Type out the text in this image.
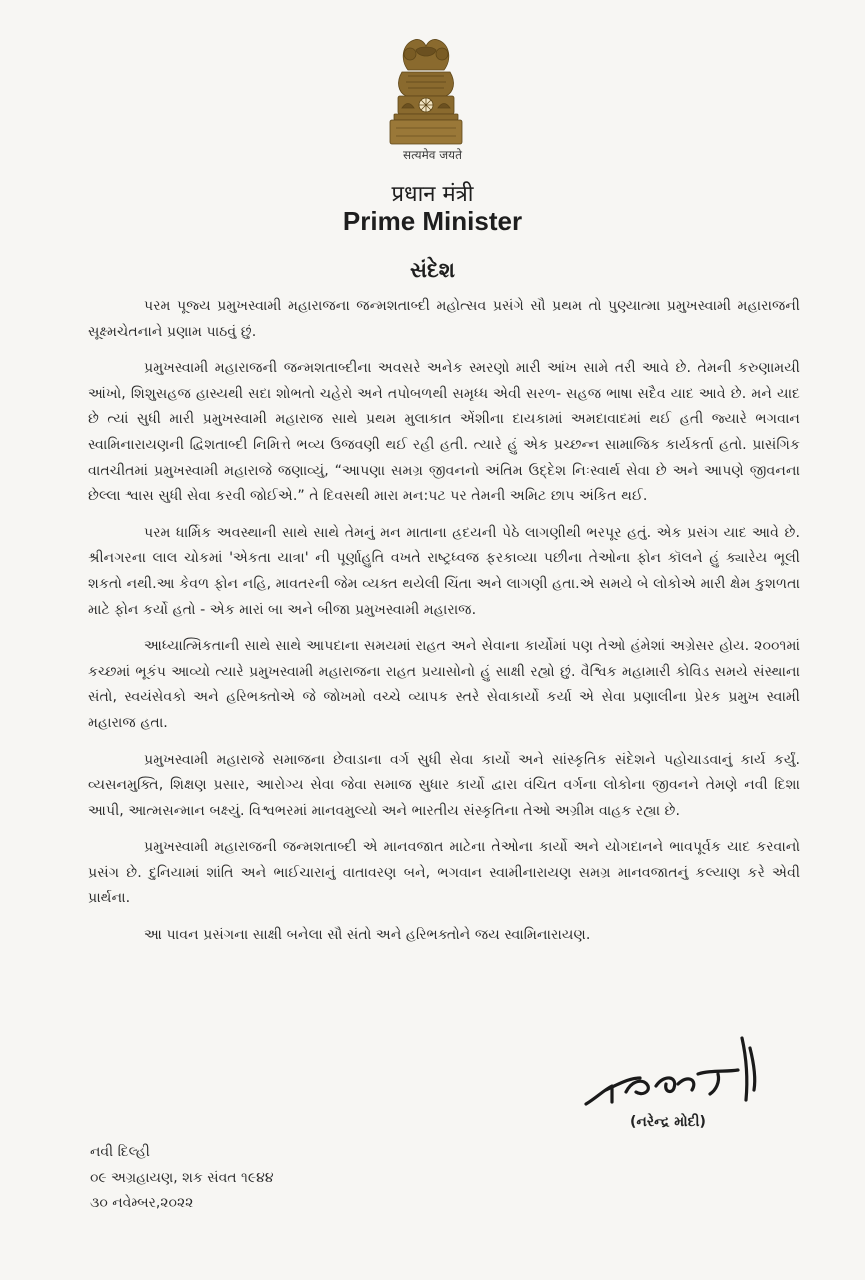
सत्यमेव जयते
प्रधान मंत्री
Prime Minister
સંદેશ

પરમ પૂજ્ય પ્રમુખસ્વામી મહારાજના જન્મશતાબ્દી મહોત્સવ પ્રસંગે સૌ પ્રથમ તો પુણ્યાત્મા પ્રમુખસ્વામી મહારાજની સૂક્ષ્મચેતનાને પ્રણામ પાઠવું છું.

પ્રમુખસ્વામી મહારાજની જન્મશતાબ્દીના અવસરે અનેક સ્મરણો મારી આંખ સામે તરી આવે છે. તેમની કરુણામયી આંખો, શિશુસહજ હાસ્યથી સદા શોભતો ચહેરો અને તપોબળથી સમૃધ્ધ એવી સરળ- સહજ ભાષા સદૈવ યાદ આવે છે. મને યાદ છે ત્યાં સુધી મારી પ્રમુખસ્વામી મહારાજ સાથે પ્રથમ મુલાકાત એંશીના દાયકામાં અમદાવાદમાં થઈ હતી જ્યારે ભગવાન સ્વામિનારાયણની દ્વિશતાબ્દી નિમિત્તે ભવ્ય ઉજવણી થઈ રહી હતી. ત્યારે હું એક પ્રચ્છન્ન સામાજિક કાર્યકર્તા હતો. પ્રાસંગિક વાતચીતમાં પ્રમુખસ્વામી મહારાજે જણાવ્યું, “આપણા સમગ્ર જીવનનો અંતિમ ઉદ્દેશ નિઃસ્વાર્થ સેવા છે અને આપણે જીવનના છેલ્લા શ્વાસ સુધી સેવા કરવી જોઈએ.” તે દિવસથી મારા મન:પટ પર તેમની અમિટ છાપ અંકિત થઈ.

પરમ ધાર્મિક અવસ્થાની સાથે સાથે તેમનું મન માતાના હ્રદયની પેઠે લાગણીથી ભરપૂર હતું. એક પ્રસંગ યાદ આવે છે. શ્રીનગરના લાલ ચોકમાં 'એકતા યાત્રા' ની પૂર્ણાહુતિ વખતે રાષ્ટ્રધ્વજ ફરકાવ્યા પછીના તેઓના ફોન કૉલને હું ક્યારેય ભૂલી શકતો નથી.આ કેવળ ફોન નહિ, માવતરની જેમ વ્યક્ત થયેલી ચિંતા અને લાગણી હતા.એ સમયે બે લોકોએ મારી ક્ષેમ કુશળતા માટે ફોન કર્યો હતો - એક મારાં બા અને બીજા પ્રમુખસ્વામી મહારાજ.

આધ્યાત્મિકતાની સાથે સાથે આપદાના સમયમાં રાહત અને સેવાના કાર્યોમાં પણ તેઓ હંમેશાં અગ્રેસર હોય. ૨૦૦૧માં કચ્છમાં ભૂકંપ આવ્યો ત્યારે પ્રમુખસ્વામી મહારાજના રાહત પ્રયાસોનો હું સાક્ષી રહ્યો છું. વૈશ્વિક મહામારી કોવિડ સમયે સંસ્થાના સંતો, સ્વયંસેવકો અને હરિભક્તોએ જે જોખમો વચ્ચે વ્યાપક સ્તરે સેવાકાર્યો કર્યા એ સેવા પ્રણાલીના પ્રેરક પ્રમુખ સ્વામી મહારાજ હતા.

પ્રમુખસ્વામી મહારાજે સમાજના છેવાડાના વર્ગ સુધી સેવા કાર્યો અને સાંસ્કૃતિક સંદેશને પહોચાડવાનું કાર્ય કર્યું. વ્યસનમુક્તિ, શિક્ષણ પ્રસાર, આરોગ્ય સેવા જેવા સમાજ સુધાર કાર્યો દ્વારા વંચિત વર્ગના લોકોના જીવનને તેમણે નવી દિશા આપી, આત્મસન્માન બક્ષ્યું. વિશ્વભરમાં માનવમુલ્યો અને ભારતીય સંસ્કૃતિના તેઓ અગ્રીમ વાહક રહ્યા છે.

પ્રમુખસ્વામી મહારાજની જન્મશતાબ્દી એ માનવજાત માટેના તેઓના કાર્યો અને યોગદાનને ભાવપૂર્વક યાદ કરવાનો પ્રસંગ છે. દુનિયામાં શાંતિ અને ભાઈચારાનું વાતાવરણ બને, ભગવાન સ્વામીનારાયણ સમગ્ર માનવજાતનું કલ્યાણ કરે એવી પ્રાર્થના.

આ પાવન પ્રસંગના સાક્ષી બનેલા સૌ સંતો અને હરિભક્તોને જય સ્વામિનારાયણ.

(નરેન્દ્ર મોદી)
નવી દિલ્હી
૦૯ અગ્રહાયણ, શક સંવત ૧૯૪૪
૩૦ નવેમ્બર,૨૦૨૨
